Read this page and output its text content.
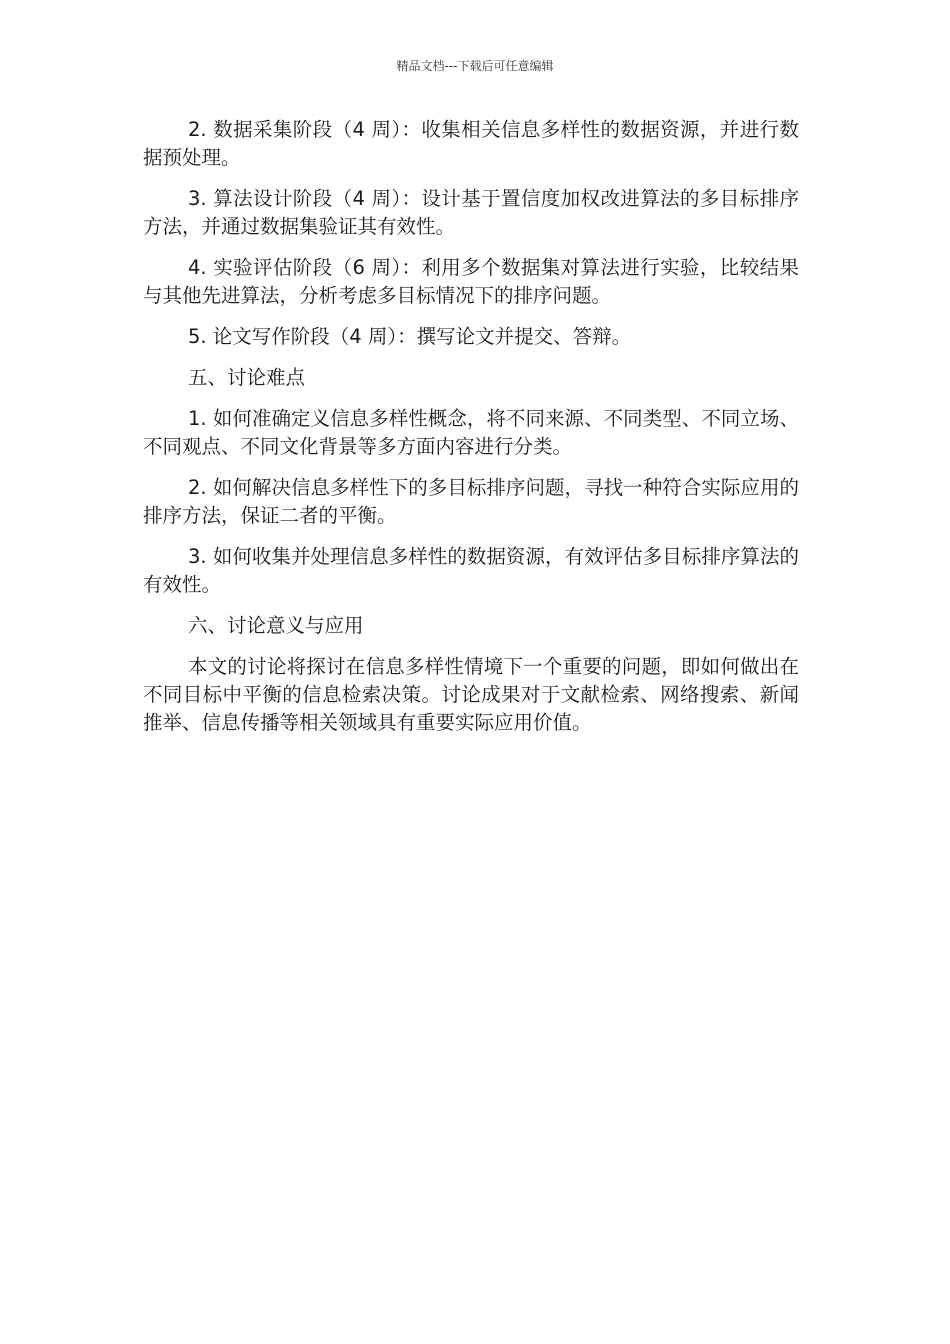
精品文档---下载后可任意编辑

2. 数据采集阶段（4 周）：收集相关信息多样性的数据资源，并进行数据预处理。

3. 算法设计阶段（4 周）：设计基于置信度加权改进算法的多目标排序方法，并通过数据集验证其有效性。

4. 实验评估阶段（6 周）：利用多个数据集对算法进行实验，比较结果与其他先进算法，分析考虑多目标情况下的排序问题。

5. 论文写作阶段（4 周）：撰写论文并提交、答辩。

五、讨论难点

1. 如何准确定义信息多样性概念，将不同来源、不同类型、不同立场、不同观点、不同文化背景等多方面内容进行分类。

2. 如何解决信息多样性下的多目标排序问题，寻找一种符合实际应用的排序方法，保证二者的平衡。

3. 如何收集并处理信息多样性的数据资源，有效评估多目标排序算法的有效性。

六、讨论意义与应用

本文的讨论将探讨在信息多样性情境下一个重要的问题，即如何做出在不同目标中平衡的信息检索决策。讨论成果对于文献检索、网络搜索、新闻推举、信息传播等相关领域具有重要实际应用价值。
